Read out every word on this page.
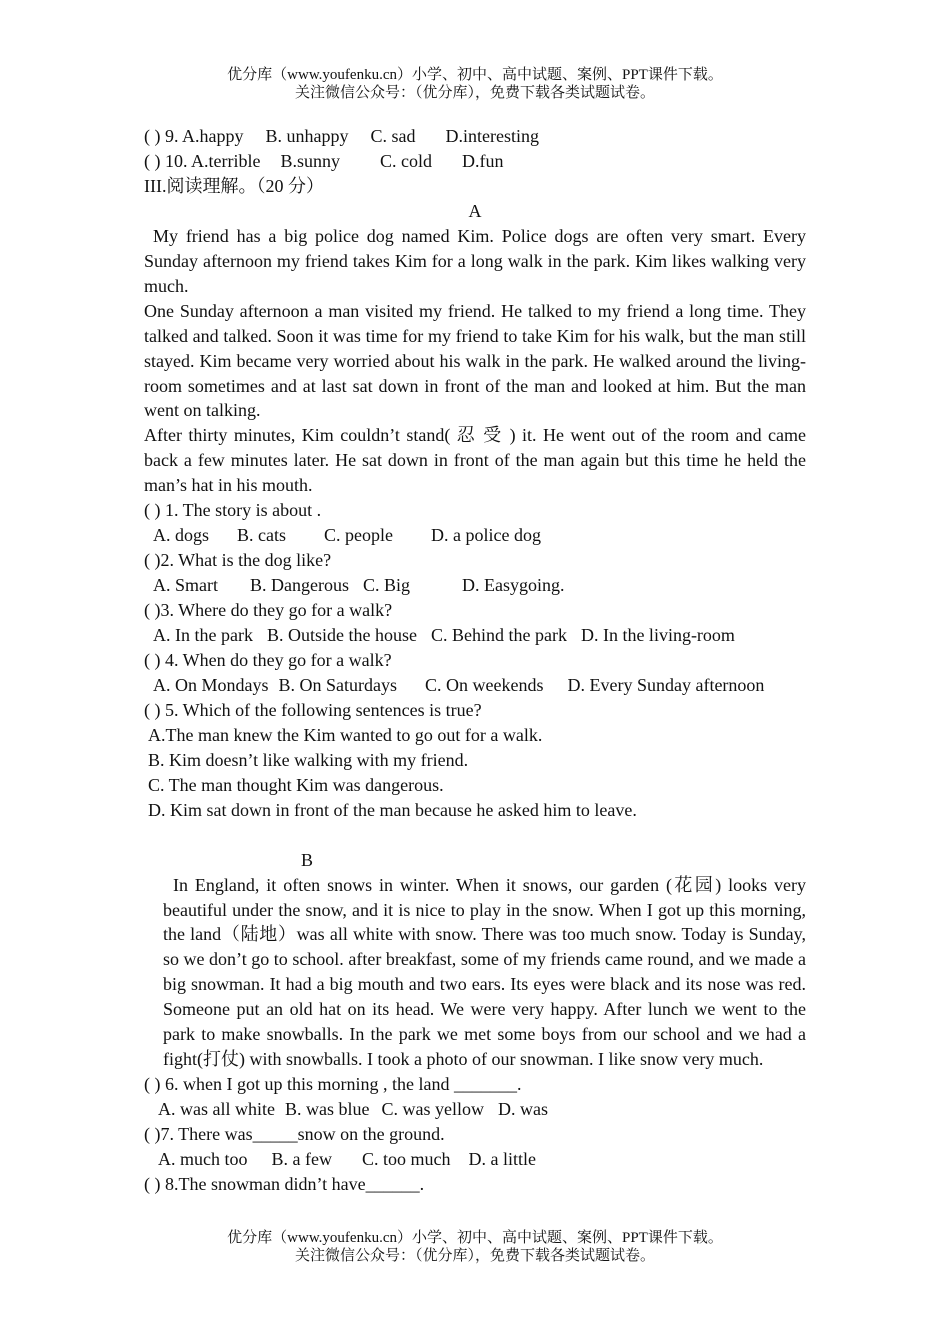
优分库（www.youfenku.cn）小学、初中、高中试题、案例、PPT课件下载。
关注微信公众号：（优分库），免费下载各类试题试卷。
( ) 9. A.happy B. unhappy C. sad D.interesting
( ) 10. A.terrible B.sunny C. cold D.fun
III.阅读理解。（20 分）
A
My friend has a big police dog named Kim. Police dogs are often very smart. Every Sunday afternoon my friend takes Kim for a long walk in the park. Kim likes walking very much.
One Sunday afternoon a man visited my friend. He talked to my friend a long time. They talked and talked. Soon it was time for my friend to take Kim for his walk, but the man still stayed. Kim became very worried about his walk in the park. He walked around the living-room sometimes and at last sat down in front of the man and looked at him. But the man went on talking.
After thirty minutes, Kim couldn’t stand( 忍 受 ) it. He went out of the room and came back a few minutes later. He sat down in front of the man again but this time he held the man’s hat in his mouth.
( ) 1. The story is about .
A. dogs B. cats C. people D. a police dog
( )2. What is the dog like?
A. Smart B. Dangerous C. Big	D. Easygoing.
( )3. Where do they go for a walk?
A. In the park B. Outside the house C. Behind the park D. In the living-room
( ) 4. When do they go for a walk?
A. On Mondays B. On Saturdays C. On weekends D. Every Sunday afternoon
( ) 5. Which of the following sentences is true?
A.The man knew the Kim wanted to go out for a walk.
B. Kim doesn’t like walking with my friend.
C. The man thought Kim was dangerous.
D. Kim sat down in front of the man because he asked him to leave.
B
In England, it often snows in winter. When it snows, our garden (花园) looks very beautiful under the snow, and it is nice to play in the snow. When I got up this morning, the land（陆地）was all white with snow. There was too much snow. Today is Sunday, so we don’t go to school. after breakfast, some of my friends came round, and we made a big snowman. It had a big mouth and two ears. Its eyes were black and its nose was red. Someone put an old hat on its head. We were very happy. After lunch we went to the park to make snowballs. In the park we met some boys from our school and we had a fight(打仗) with snowballs. I took a photo of our snowman. I like snow very much.
( ) 6. when I got up this morning , the land _______.
A. was all white B. was blue C. was yellow D. was
( )7. There was_____snow on the ground.
A. much too B. a few C. too much D. a little
( ) 8.The snowman didn’t have______.
优分库（www.youfenku.cn）小学、初中、高中试题、案例、PPT课件下载。
关注微信公众号：（优分库），免费下载各类试题试卷。
